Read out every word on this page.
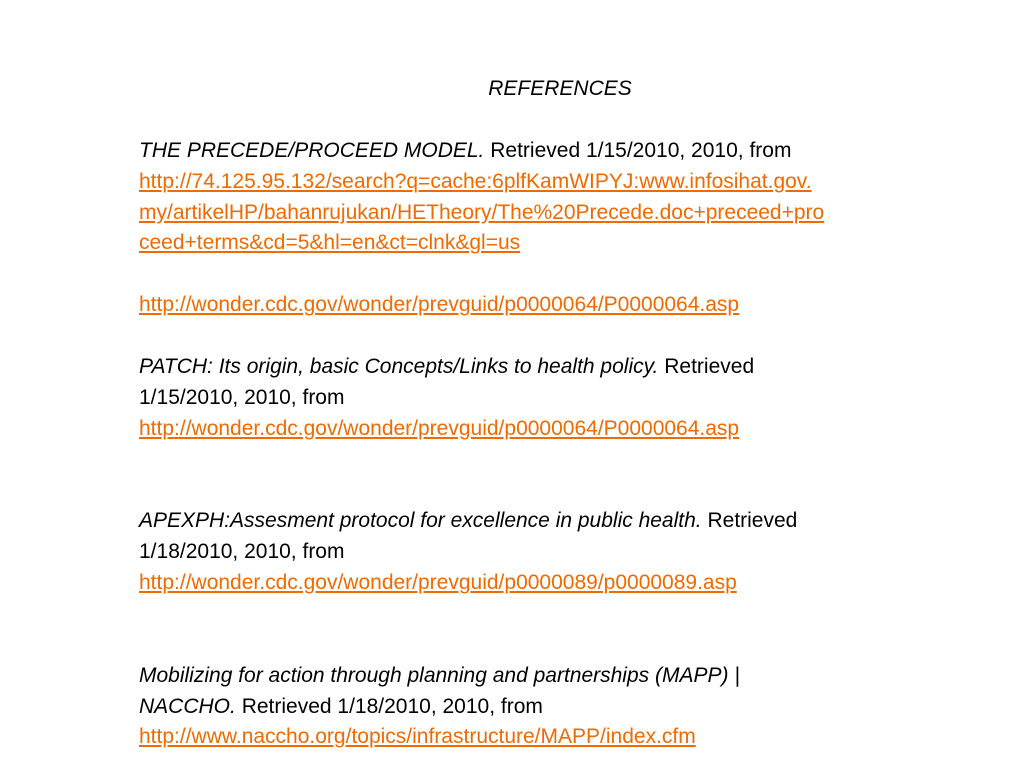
REFERENCES
THE PRECEDE/PROCEED MODEL. Retrieved 1/15/2010, 2010, from
http://74.125.95.132/search?q=cache:6plfKamWIPYJ:www.infosihat.gov.
my/artikelHP/bahanrujukan/HETheory/The%20Precede.doc+preceed+pro
ceed+terms&cd=5&hl=en&ct=clnk&gl=us
http://wonder.cdc.gov/wonder/prevguid/p0000064/P0000064.asp
PATCH: Its origin, basic Concepts/Links to health policy. Retrieved
1/15/2010, 2010, from
http://wonder.cdc.gov/wonder/prevguid/p0000064/P0000064.asp
APEXPH:Assesment protocol for excellence in public health. Retrieved
1/18/2010, 2010, from
http://wonder.cdc.gov/wonder/prevguid/p0000089/p0000089.asp
Mobilizing for action through planning and partnerships (MAPP) |
NACCHO. Retrieved 1/18/2010, 2010, from
http://www.naccho.org/topics/infrastructure/MAPP/index.cfm
